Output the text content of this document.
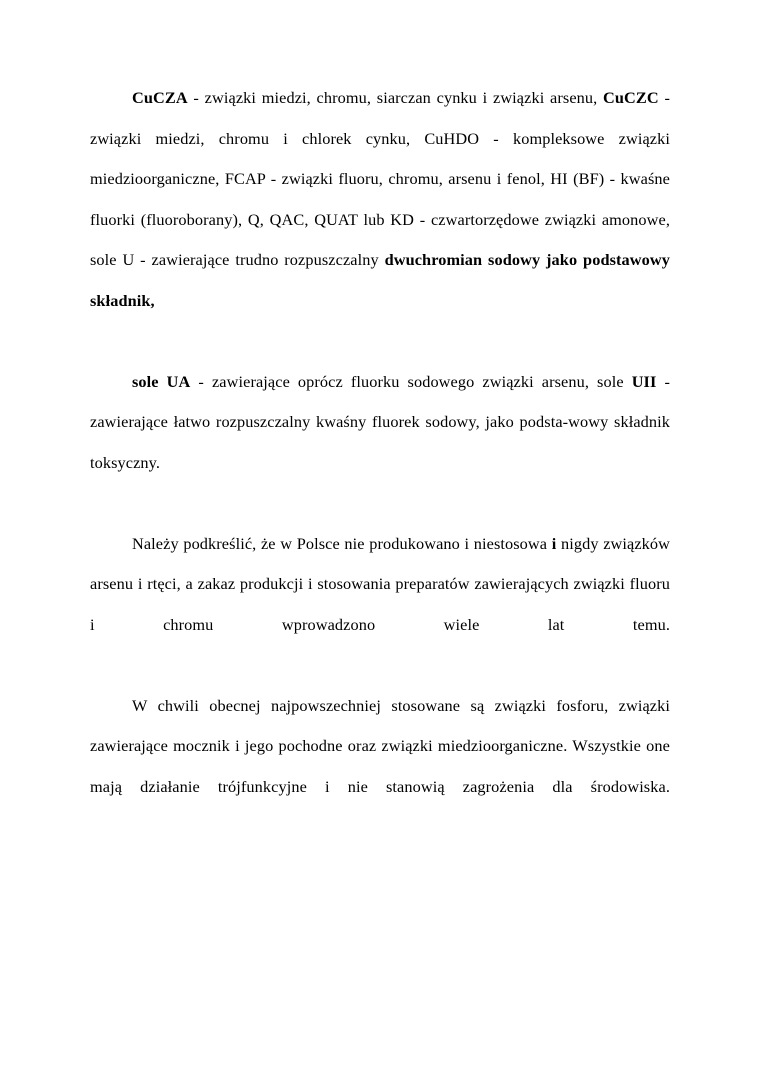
CuCZA - związki miedzi, chromu, siarczan cynku i związki arsenu, CuCZC - związki miedzi, chromu i chlorek cynku, CuHDO - kompleksowe związki miedzioorganiczne, FCAP - związki fluoru, chromu, arsenu i fenol, HI (BF) - kwaśne fluorki (fluoroborany), Q, QAC, QUAT lub KD - czwartorzędowe związki amonowe, sole U - zawierające trudno rozpuszczalny dwuchromian sodowy jako podstawowy składnik,

sole UA - zawierające oprócz fluorku sodowego związki arsenu, sole UII - zawierające łatwo rozpuszczalny kwaśny fluorek sodowy, jako podsta-wowy składnik toksyczny.

Należy podkreślić, że w Polsce nie produkowano i niestosowa i nigdy związków arsenu i rtęci, a zakaz produkcji i stosowania preparatów zawierających związki fluoru i chromu wprowadzono wiele lat temu.

W chwili obecnej najpowszechniej stosowane są związki fosforu, związki zawierające mocznik i jego pochodne oraz związki miedzioorganiczne. Wszystkie one mają działanie trójfunkcyjne i nie stanowią zagrożenia dla środowiska.
